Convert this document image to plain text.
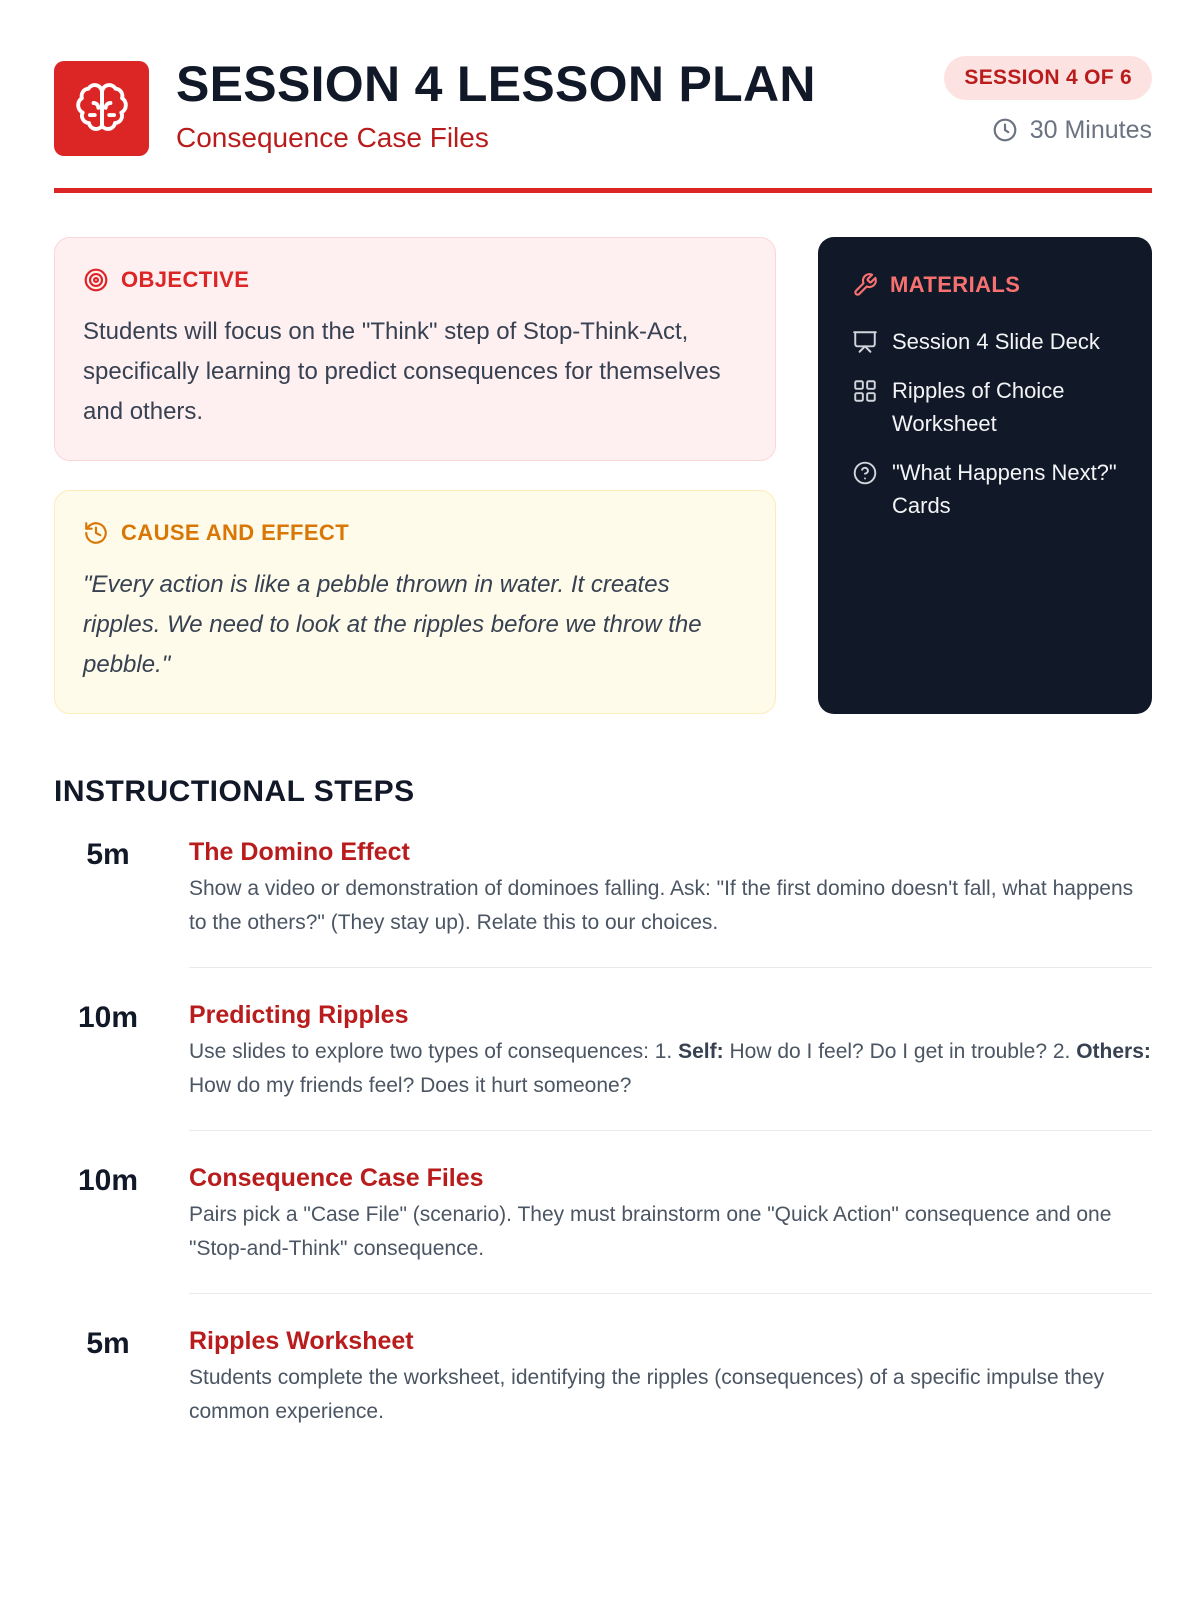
SESSION 4 LESSON PLAN
Consequence Case Files
SESSION 4 OF 6
30 Minutes
OBJECTIVE

Students will focus on the "Think" step of Stop-Think-Act, specifically learning to predict consequences for themselves and others.

CAUSE AND EFFECT

"Every action is like a pebble thrown in water. It creates ripples. We need to look at the ripples before we throw the pebble."

MATERIALS
Session 4 Slide Deck
Ripples of Choice Worksheet
"What Happens Next?" Cards
INSTRUCTIONAL STEPS
5m	The Domino Effect

Show a video or demonstration of dominoes falling. Ask: "If the first domino doesn't fall, what happens to the others?" (They stay up). Relate this to our choices.

10m	Predicting Ripples

Use slides to explore two types of consequences: 1. Self: How do I feel? Do I get in trouble? 2. Others: How do my friends feel? Does it hurt someone?

10m	Consequence Case Files

Pairs pick a "Case File" (scenario). They must brainstorm one "Quick Action" consequence and one "Stop-and-Think" consequence.

5m	Ripples Worksheet

Students complete the worksheet, identifying the ripples (consequences) of a specific impulse they common experience.
